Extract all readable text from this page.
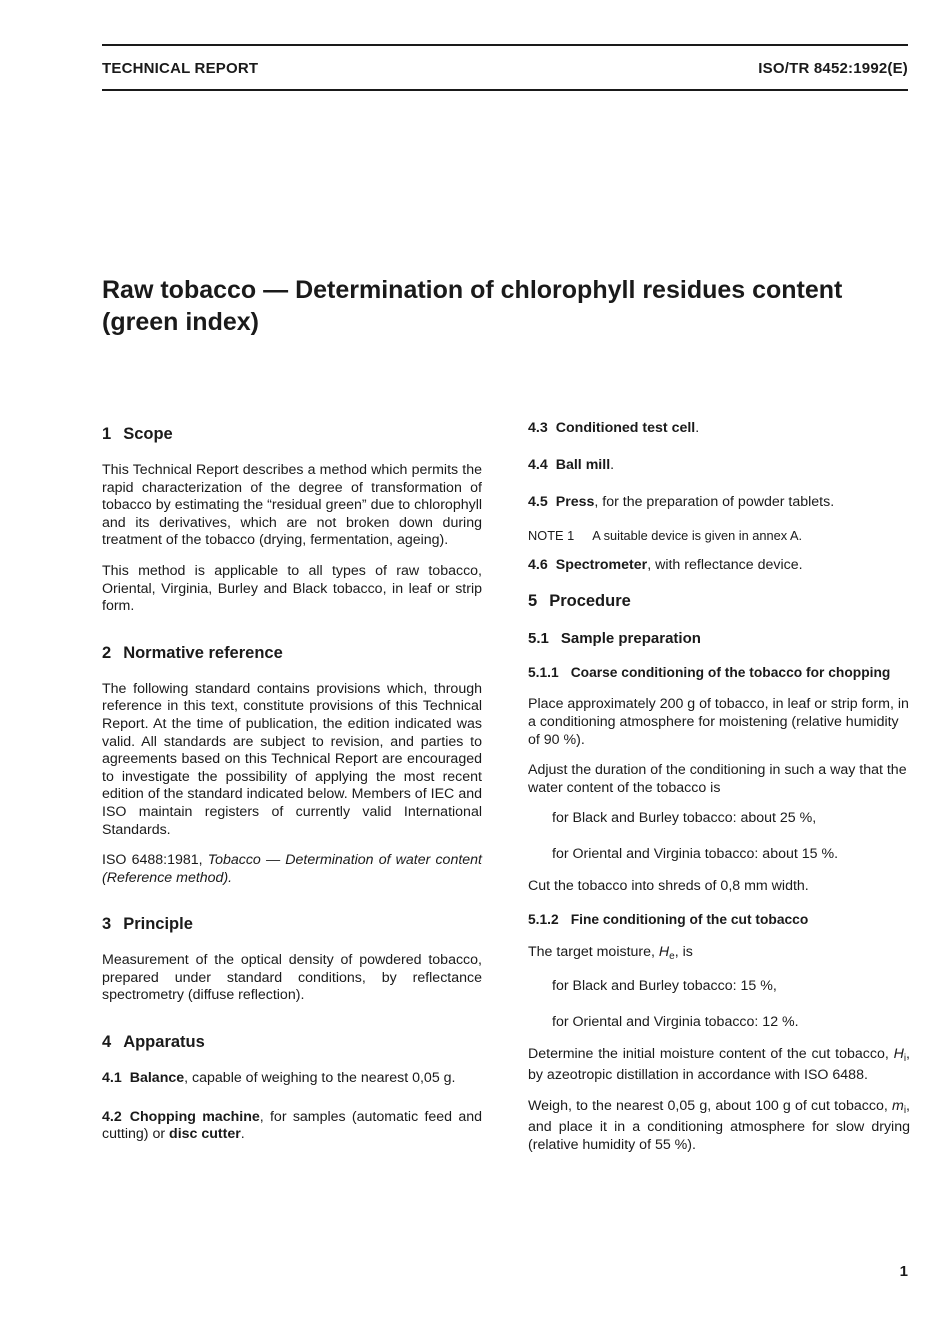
TECHNICAL REPORT	ISO/TR 8452:1992(E)
Raw tobacco — Determination of chlorophyll residues content
(green index)
1 Scope

This Technical Report describes a method which permits the rapid characterization of the degree of transformation of tobacco by estimating the “residual green” due to chlorophyll and its derivatives, which are not broken down during treatment of the tobacco (drying, fermentation, ageing).

This method is applicable to all types of raw tobacco, Oriental, Virginia, Burley and Black tobacco, in leaf or strip form.

2 Normative reference

The following standard contains provisions which, through reference in this text, constitute provisions of this Technical Report. At the time of publication, the edition indicated was valid. All standards are subject to revision, and parties to agreements based on this Technical Report are encouraged to investigate the possibility of applying the most recent edition of the standard indicated below. Members of IEC and ISO maintain registers of currently valid International Standards.

ISO 6488:1981, Tobacco — Determination of water content (Reference method).

3 Principle

Measurement of the optical density of powdered tobacco, prepared under standard conditions, by reflectance spectrometry (diffuse reflection).

4 Apparatus

4.1 Balance, capable of weighing to the nearest 0,05 g.

4.2 Chopping machine, for samples (automatic feed and cutting) or disc cutter.

4.3 Conditioned test cell.

4.4 Ball mill.

4.5 Press, for the preparation of powder tablets.

NOTE 1 A suitable device is given in annex A.

4.6 Spectrometer, with reflectance device.

5 Procedure
5.1 Sample preparation
5.1.1 Coarse conditioning of the tobacco for chopping

Place approximately 200 g of tobacco, in leaf or strip form, in a conditioning atmosphere for moistening (relative humidity of 90 %).

Adjust the duration of the conditioning in such a way that the water content of the tobacco is

for Black and Burley tobacco: about 25 %,

for Oriental and Virginia tobacco: about 15 %.

Cut the tobacco into shreds of 0,8 mm width.

5.1.2 Fine conditioning of the cut tobacco

The target moisture, $H_e$, is

for Black and Burley tobacco: 15 %,

for Oriental and Virginia tobacco: 12 %.

Determine the initial moisture content of the cut tobacco, $H_i$, by azeotropic distillation in accordance with ISO 6488.

Weigh, to the nearest 0,05 g, about 100 g of cut tobacco, $m_i$, and place it in a conditioning atmosphere for slow drying (relative humidity of 55 %).

1
